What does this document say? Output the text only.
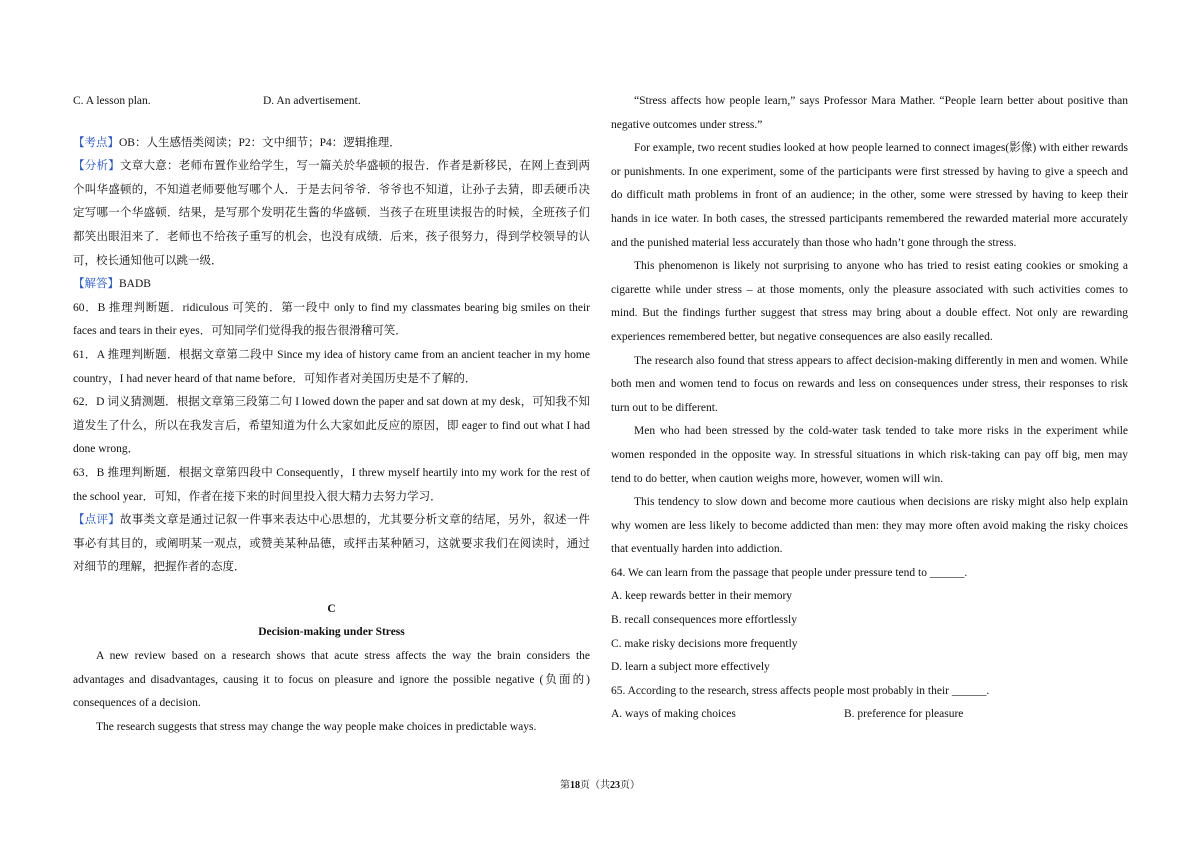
C. A lesson plan.	D. An advertisement.

【考点】OB：人生感悟类阅读；P2：文中细节；P4：逻辑推理．

【分析】文章大意：老师布置作业给学生，写一篇关於华盛顿的报告．作者是新移民，在网上查到两个叫华盛顿的，不知道老师要他写哪个人．于是去问爷爷．爷爷也不知道，让孙子去猜，即丢硬币决定写哪一个华盛顿．结果，是写那个发明花生酱的华盛顿．当孩子在班里读报告的时候，全班孩子们都笑出眼泪来了．老师也不给孩子重写的机会，也没有成绩．后来，孩子很努力，得到学校领导的认可，校长通知他可以跳一级．

【解答】BADB

60．B 推理判断题．ridiculous 可笑的．第一段中 only to find my classmates bearing big smiles on their faces and tears in their eyes．可知同学们觉得我的报告很滑稽可笑．

61．A 推理判断题．根据文章第二段中 Since my idea of history came from an ancient teacher in my home country，I had never heard of that name before．可知作者对美国历史是不了解的．

62．D 词义猜测题．根据文章第三段第二句 I lowed down the paper and sat down at my desk，可知我不知道发生了什么，所以在我发言后，希望知道为什么大家如此反应的原因，即 eager to find out what I had done wrong．

63．B 推理判断题．根据文章第四段中 Consequently，I threw myself heartily into my work for the rest of the school year．可知，作者在接下来的时间里投入很大精力去努力学习．

【点评】故事类文章是通过记叙一件事来表达中心思想的，尤其要分析文章的结尾，另外，叙述一件事必有其目的，或阐明某一观点，或赞美某种品德，或抨击某种陋习，这就要求我们在阅读时，通过对细节的理解，把握作者的态度．

C

Decision-making under Stress

A new review based on a research shows that acute stress affects the way the brain considers the advantages and disadvantages, causing it to focus on pleasure and ignore the possible negative (负面的) consequences of a decision.

The research suggests that stress may change the way people make choices in predictable ways.

“Stress affects how people learn,” says Professor Mara Mather. “People learn better about positive than negative outcomes under stress.”

For example, two recent studies looked at how people learned to connect images(影像) with either rewards or punishments. In one experiment, some of the participants were first stressed by having to give a speech and do difficult math problems in front of an audience; in the other, some were stressed by having to keep their hands in ice water. In both cases, the stressed participants remembered the rewarded material more accurately and the punished material less accurately than those who hadn’t gone through the stress.

This phenomenon is likely not surprising to anyone who has tried to resist eating cookies or smoking a cigarette while under stress – at those moments, only the pleasure associated with such activities comes to mind. But the findings further suggest that stress may bring about a double effect. Not only are rewarding experiences remembered better, but negative consequences are also easily recalled.

The research also found that stress appears to affect decision-making differently in men and women. While both men and women tend to focus on rewards and less on consequences under stress, their responses to risk turn out to be different.

Men who had been stressed by the cold-water task tended to take more risks in the experiment while women responded in the opposite way. In stressful situations in which risk-taking can pay off big, men may tend to do better, when caution weighs more, however, women will win.

This tendency to slow down and become more cautious when decisions are risky might also help explain why women are less likely to become addicted than men: they may more often avoid making the risky choices that eventually harden into addiction.

64. We can learn from the passage that people under pressure tend to ______.

A. keep rewards better in their memory

B. recall consequences more effortlessly

C. make risky decisions more frequently

D. learn a subject more effectively

65. According to the research, stress affects people most probably in their ______.

A. ways of making choices	B. preference for pleasure
第18页（共23页）
